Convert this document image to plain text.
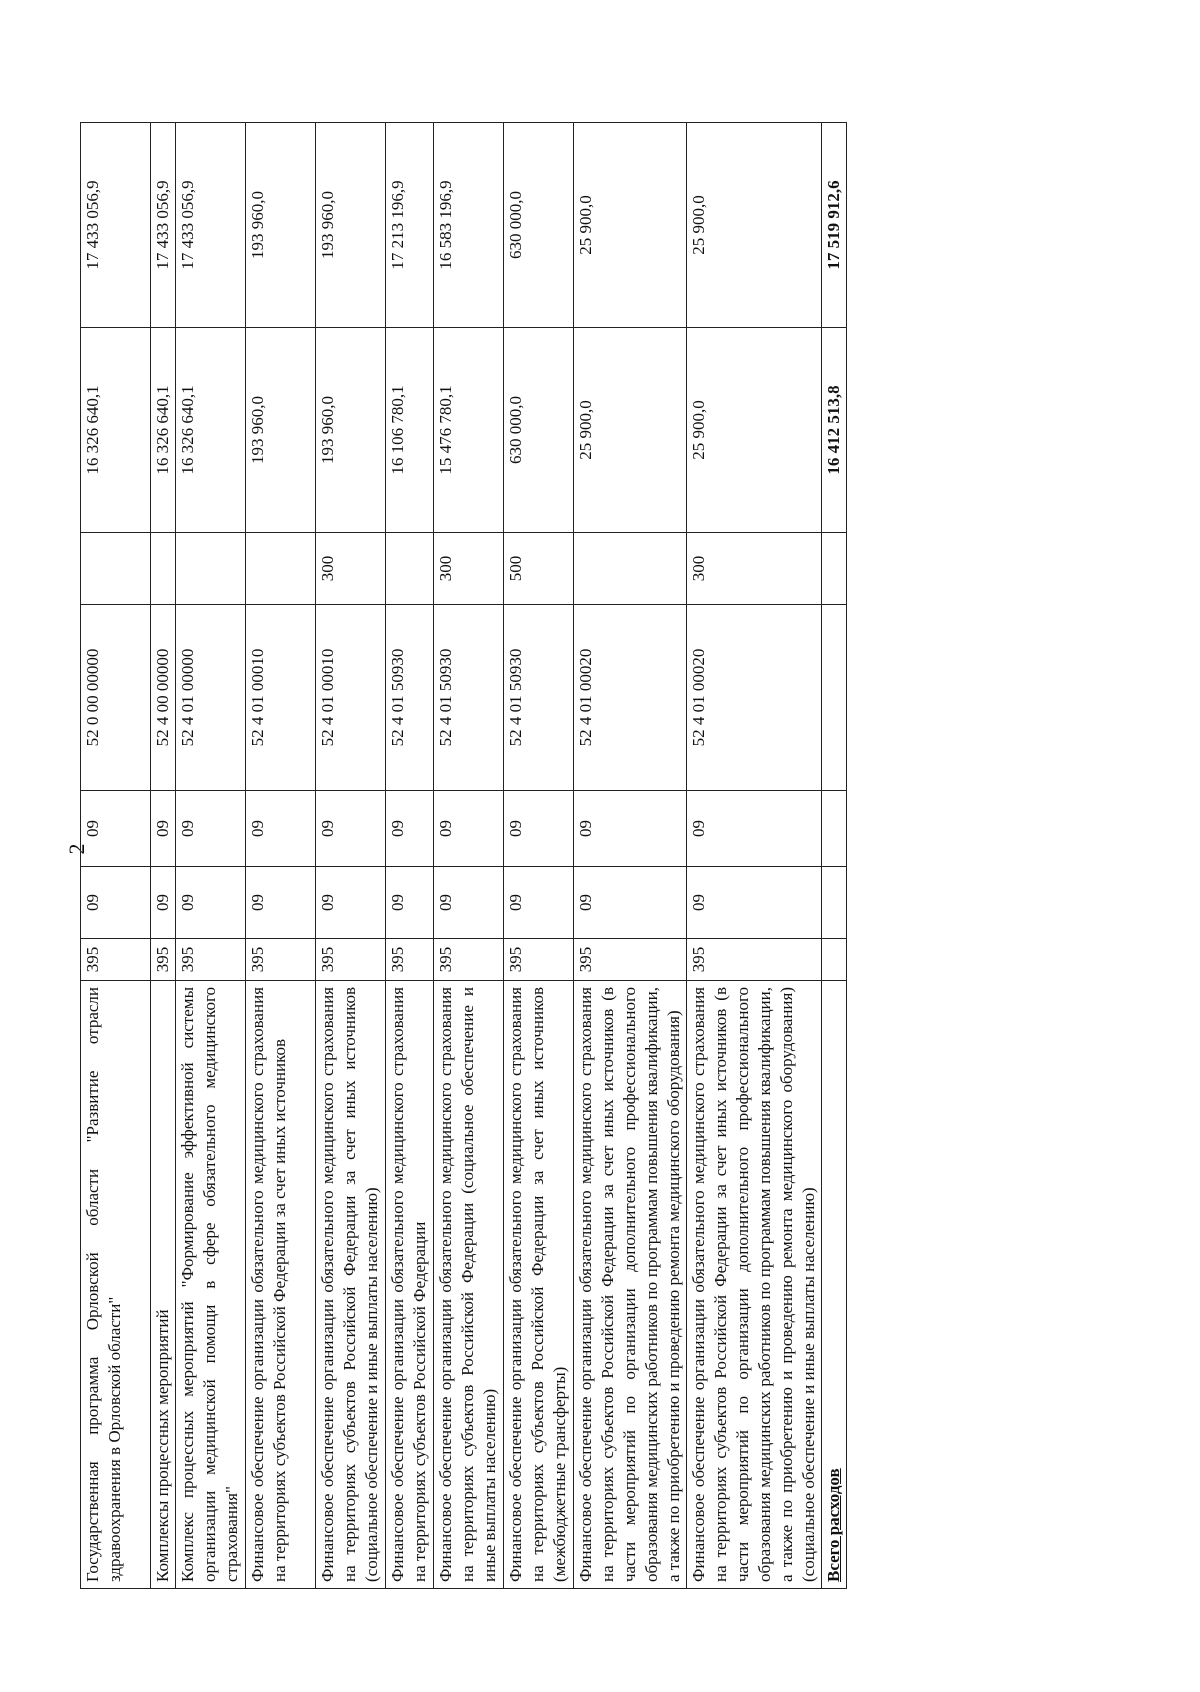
2
Государственная программа Орловской области "Развитие отрасли здравоохранения в Орловской области"	395	09	09	52 0 00 00000		16 326 640,1	17 433 056,9
Комплексы процессных мероприятий	395	09	09	52 4 00 00000		16 326 640,1	17 433 056,9
Комплекс процессных мероприятий "Формирование эффективной системы организации медицинской помощи в сфере обязательного медицинского страхования"	395	09	09	52 4 01 00000		16 326 640,1	17 433 056,9
Финансовое обеспечение организации обязательного медицинского страхования на территориях субъектов Российской Федерации за счет иных источников	395	09	09	52 4 01 00010		193 960,0	193 960,0
Финансовое обеспечение организации обязательного медицинского страхования на территориях субъектов Российской Федерации за счет иных источников (социальное обеспечение и иные выплаты населению)	395	09	09	52 4 01 00010	300	193 960,0	193 960,0
Финансовое обеспечение организации обязательного медицинского страхования на территориях субъектов Российской Федерации	395	09	09	52 4 01 50930		16 106 780,1	17 213 196,9
Финансовое обеспечение организации обязательного медицинского страхования на территориях субъектов Российской Федерации (социальное обеспечение и иные выплаты населению)	395	09	09	52 4 01 50930	300	15 476 780,1	16 583 196,9
Финансовое обеспечение организации обязательного медицинского страхования на территориях субъектов Российской Федерации за счет иных источников (межбюджетные трансферты)	395	09	09	52 4 01 50930	500	630 000,0	630 000,0
Финансовое обеспечение организации обязательного медицинского страхования на территориях субъектов Российской Федерации за счет иных источников (в части мероприятий по организации дополнительного профессионального образования медицинских работников по программам повышения квалификации, а также по приобретению и проведению ремонта медицинского оборудования)	395	09	09	52 4 01 00020		25 900,0	25 900,0
Финансовое обеспечение организации обязательного медицинского страхования на территориях субъектов Российской Федерации за счет иных источников (в части мероприятий по организации дополнительного профессионального образования медицинских работников по программам повышения квалификации, а также по приобретению и проведению ремонта медицинского оборудования) (социальное обеспечение и иные выплаты населению)	395	09	09	52 4 01 00020	300	25 900,0	25 900,0
Всего расходов						16 412 513,8	17 519 912,6
